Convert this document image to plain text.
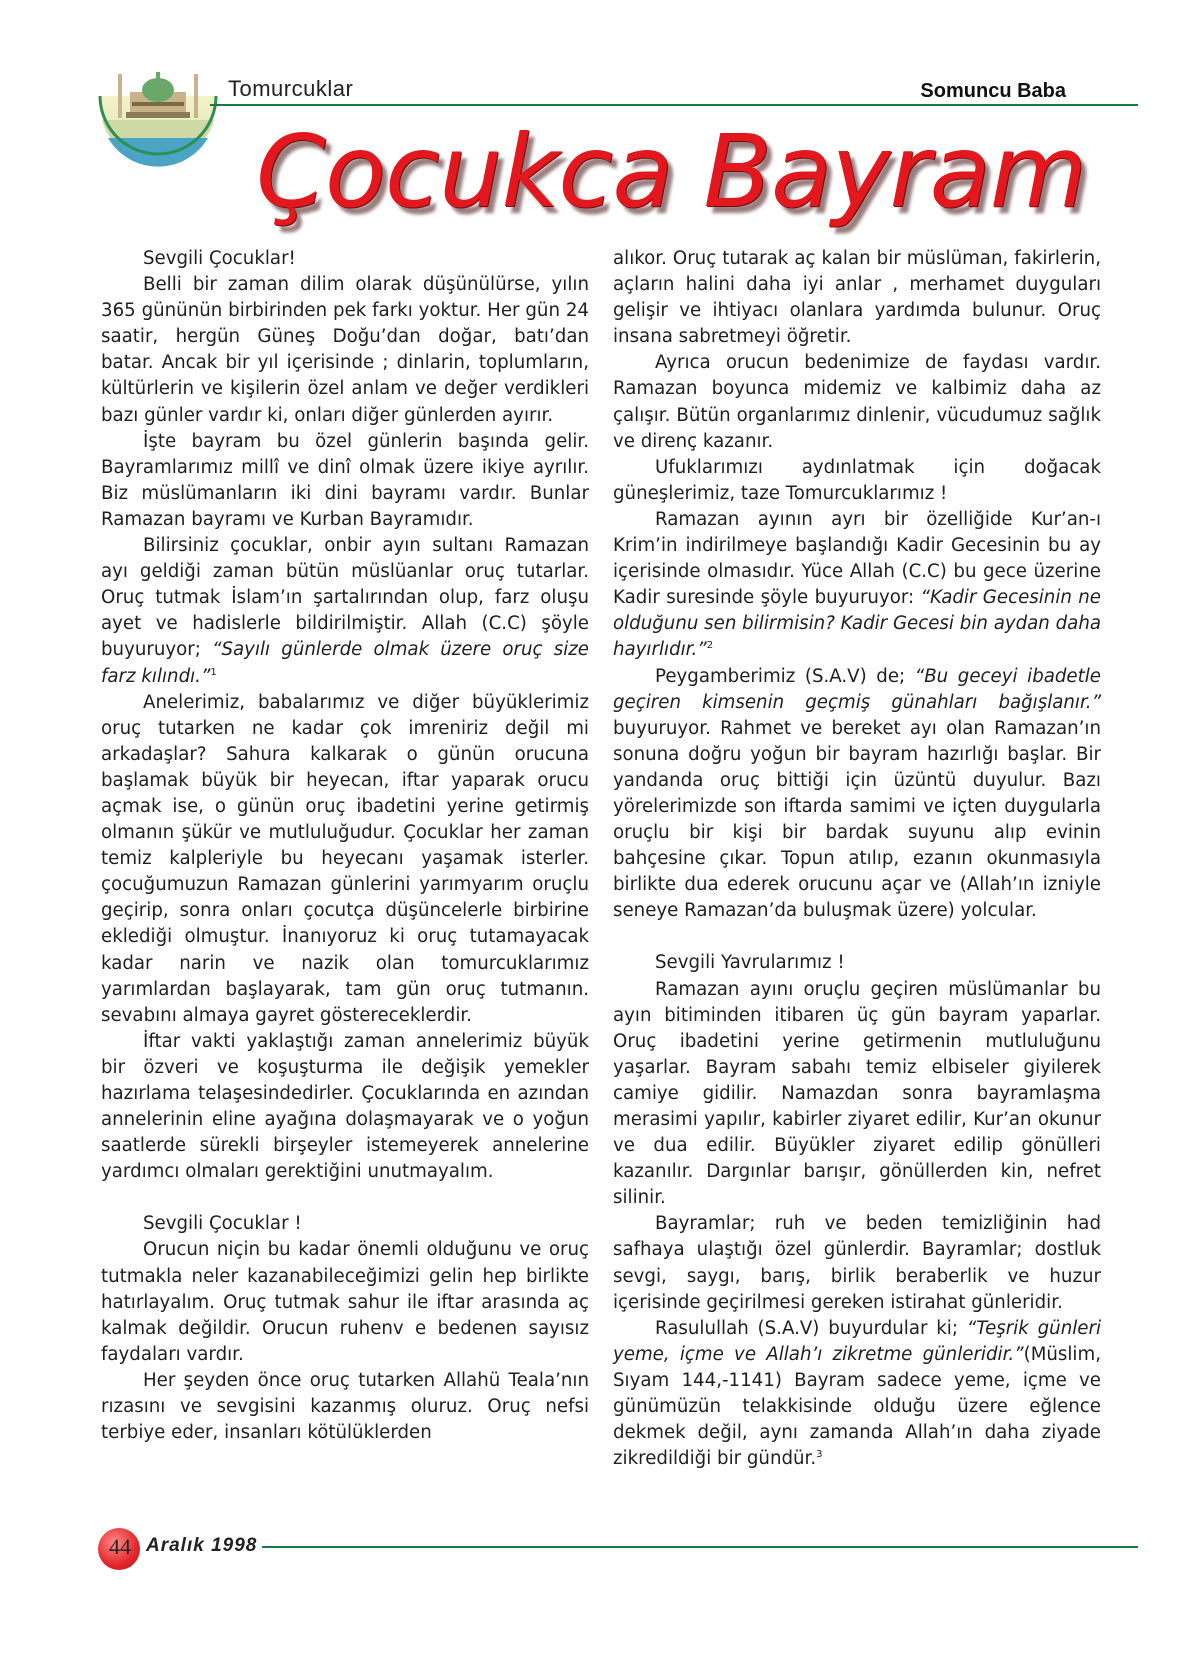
Tomurcuklar	Somuncu Baba
Çocukca Bayram

Sevgili Çocuklar!

Belli bir zaman dilim olarak düşünülürse, yılın 365 gününün birbirinden pek farkı yoktur. Her gün 24 saatir, hergün Güneş Doğu’dan doğar, batı’dan batar. Ancak bir yıl içerisinde ; dinlarin, toplumların, kültürlerin ve kişilerin özel anlam ve değer verdikleri bazı günler vardır ki, onları diğer günlerden ayırır.

İşte bayram bu özel günlerin başında gelir. Bayramlarımız millî ve dinî olmak üzere ikiye ayrılır. Biz müslümanların iki dini bayramı vardır. Bunlar Ramazan bayramı ve Kurban Bayramıdır.

Bilirsiniz çocuklar, onbir ayın sultanı Ramazan ayı geldiği zaman bütün müslüanlar oruç tutarlar. Oruç tutmak İslam’ın şartalırından olup, farz oluşu ayet ve hadislerle bildirilmiştir. Allah (C.C) şöyle buyuruyor; “Sayılı günlerde olmak üzere oruç size farz kılındı.”$^1$

Anelerimiz, babalarımız ve diğer büyüklerimiz oruç tutarken ne kadar çok imreniriz değil mi arkadaşlar? Sahura kalkarak o günün orucuna başlamak büyük bir heyecan, iftar yaparak orucu açmak ise, o günün oruç ibadetini yerine getirmiş olmanın şükür ve mutluluğudur. Çocuklar her zaman temiz kalpleriyle bu heyecanı yaşamak isterler. çocuğumuzun Ramazan günlerini yarımyarım oruçlu geçirip, sonra onları çocutça düşüncelerle birbirine eklediği olmuştur. İnanıyoruz ki oruç tutamayacak kadar narin ve nazik olan tomurcuklarımız yarımlardan başlayarak, tam gün oruç tutmanın. sevabını almaya gayret göstereceklerdir.

İftar vakti yaklaştığı zaman annelerimiz büyük bir özveri ve koşuşturma ile değişik yemekler hazırlama telaşesindedirler. Çocuklarında en azından annelerinin eline ayağına dolaşmayarak ve o yoğun saatlerde sürekli birşeyler istemeyerek annelerine yardımcı olmaları gerektiğini unutmayalım.

Sevgili Çocuklar !

Orucun niçin bu kadar önemli olduğunu ve oruç tutmakla neler kazanabileceğimizi gelin hep birlikte hatırlayalım. Oruç tutmak sahur ile iftar arasında aç kalmak değildir. Orucun ruhenv e bedenen sayısız faydaları vardır.

Her şeyden önce oruç tutarken Allahü Teala’nın rızasını ve sevgisini kazanmış oluruz. Oruç nefsi terbiye eder, insanları kötülüklerden

alıkor. Oruç tutarak aç kalan bir müslüman, fakirlerin, açların halini daha iyi anlar , merhamet duyguları gelişir ve ihtiyacı olanlara yardımda bulunur. Oruç insana sabretmeyi öğretir.

Ayrıca orucun bedenimize de faydası vardır. Ramazan boyunca midemiz ve kalbimiz daha az çalışır. Bütün organlarımız dinlenir, vücudumuz sağlık ve direnç kazanır.

Ufuklarımızı aydınlatmak için doğacak güneşlerimiz, taze Tomurcuklarımız !

Ramazan ayının ayrı bir özelliğide Kur’an-ı Krim’in indirilmeye başlandığı Kadir Gecesinin bu ay içerisinde olmasıdır. Yüce Allah (C.C) bu gece üzerine Kadir suresinde şöyle buyuruyor: “Kadir Gecesinin ne olduğunu sen bilirmisin? Kadir Gecesi bin aydan daha hayırlıdır.”$^2$

Peygamberimiz (S.A.V) de; “Bu geceyi ibadetle geçiren kimsenin geçmiş günahları bağışlanır.” buyuruyor. Rahmet ve bereket ayı olan Ramazan’ın sonuna doğru yoğun bir bayram hazırlığı başlar. Bir yandanda oruç bittiği için üzüntü duyulur. Bazı yörelerimizde son iftarda samimi ve içten duygularla oruçlu bir kişi bir bardak suyunu alıp evinin bahçesine çıkar. Topun atılıp, ezanın okunmasıyla birlikte dua ederek orucunu açar ve (Allah’ın izniyle seneye Ramazan’da buluşmak üzere) yolcular.

Sevgili Yavrularımız !

Ramazan ayını oruçlu geçiren müslümanlar bu ayın bitiminden itibaren üç gün bayram yaparlar. Oruç ibadetini yerine getirmenin mutluluğunu yaşarlar. Bayram sabahı temiz elbiseler giyilerek camiye gidilir. Namazdan sonra bayramlaşma merasimi yapılır, kabirler ziyaret edilir, Kur’an okunur ve dua edilir. Büyükler ziyaret edilip gönülleri kazanılır. Dargınlar barışır, gönüllerden kin, nefret silinir.

Bayramlar; ruh ve beden temizliğinin had safhaya ulaştığı özel günlerdir. Bayramlar; dostluk sevgi, saygı, barış, birlik beraberlik ve huzur içerisinde geçirilmesi gereken istirahat günleridir.

Rasulullah (S.A.V) buyurdular ki; “Teşrik günleri yeme, içme ve Allah’ı zikretme günleridir.”(Müslim, Sıyam 144,-1141) Bayram sadece yeme, içme ve günümüzün telakkisinde olduğu üzere eğlence dekmek değil, aynı zamanda Allah’ın daha ziyade zikredildiği bir gündür.$^3$

44 Aralık 1998
